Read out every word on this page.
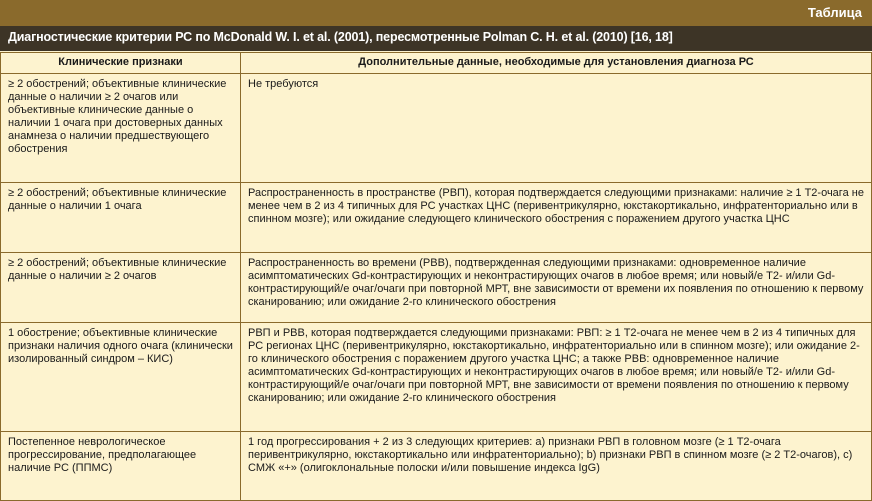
Таблица
Диагностические критерии РС по McDonald W. I. et al. (2001), пересмотренные Polman C. H. et al. (2010) [16, 18]
Клинические признаки	Дополнительные данные, необходимые для установления диагноза РС
≥ 2 обострений; объективные клинические данные о наличии ≥ 2 очагов или объективные клинические данные о наличии 1 очага при достоверных данных анамнеза о наличии предшествующего обострения	Не требуются
≥ 2 обострений; объективные клинические данные о наличии 1 очага	Распространенность в пространстве (РВП), которая подтверждается следующими признаками: наличие ≥ 1 Т2-очага не менее чем в 2 из 4 типичных для РС участках ЦНС (перивентрикулярно, юкстакортикально, инфратенториально или в спинном мозге); или ожидание следующего клинического обострения с поражением другого участка ЦНС
≥ 2 обострений; объективные клинические данные о наличии ≥ 2 очагов	Распространенность во времени (РВВ), подтвержденная следующими признаками: одновременное наличие асимптоматических Gd-контрастирующих и неконтрастирующих очагов в любое время; или новый/е Т2- и/или Gd-контрастирующий/е очаг/очаги при повторной МРТ, вне зависимости от времени их появления по отношению к первому сканированию; или ожидание 2-го клинического обострения
1 обострение; объективные клинические признаки наличия одного очага (клинически изолированный синдром – КИС)	РВП и РВВ, которая подтверждается следующими признаками: РВП: ≥ 1 Т2-очага не менее чем в 2 из 4 типичных для РС регионах ЦНС (перивентрикулярно, юкстакортикально, инфратенториально или в спинном мозге); или ожидание 2-го клинического обострения с поражением другого участка ЦНС; а также РВВ: одновременное наличие асимптоматических Gd-контрастирующих и неконтрастирующих очагов в любое время; или новый/е Т2- и/или Gd-контрастирующий/е очаг/очаги при повторной МРТ, вне зависимости от времени появления по отношению к первому сканированию; или ожидание 2-го клинического обострения
Постепенное неврологическое прогрессирование, предполагающее наличие РС (ППМС)	1 год прогрессирования + 2 из 3 следующих критериев: а) признаки РВП в головном мозге (≥ 1 Т2-очага перивентрикулярно, юкстакортикально или инфратенториально); b) признаки РВП в спинном мозге (≥ 2 Т2-очагов), с) СМЖ «+» (олигоклональные полоски и/или повышение индекса IgG)
